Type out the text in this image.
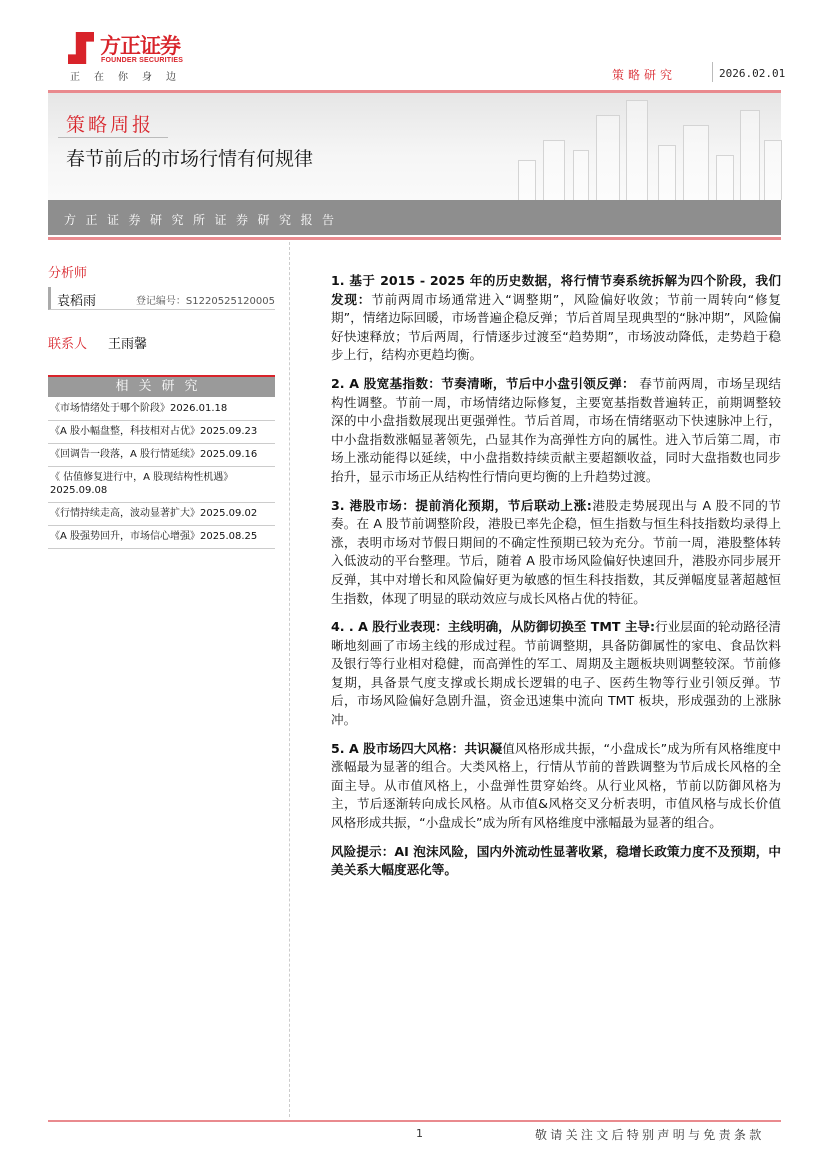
方正证券
FOUNDER SECURITIES
正在你身边	策略研究	2026.02.01
策略周报
春节前后的市场行情有何规律
方正证券研究所证券研究报告
分析师
袁稻雨	登记编号：S1220525120005
联系人 王雨馨
相关研究
《市场情绪处于哪个阶段》2026.01.18
《A 股小幅盘整，科技相对占优》2025.09.23
《回调告一段落，A 股行情延续》2025.09.16
《 估值修复进行中，A 股现结构性机遇》2025.09.08
《行情持续走高，波动显著扩大》2025.09.02
《A 股强势回升，市场信心增强》2025.08.25

1. 基于 2015 - 2025 年的历史数据，将行情节奏系统拆解为四个阶段，我们发现：节前两周市场通常进入“调整期”，风险偏好收敛；节前一周转向“修复期”，情绪边际回暖，市场普遍企稳反弹；节后首周呈现典型的“脉冲期”，风险偏好快速释放；节后两周，行情逐步过渡至“趋势期”，市场波动降低，走势趋于稳步上行，结构亦更趋均衡。

2. A 股宽基指数：节奏清晰，节后中小盘引领反弹： 春节前两周，市场呈现结构性调整。节前一周，市场情绪边际修复，主要宽基指数普遍转正，前期调整较深的中小盘指数展现出更强弹性。节后首周，市场在情绪驱动下快速脉冲上行，中小盘指数涨幅显著领先，凸显其作为高弹性方向的属性。进入节后第二周，市场上涨动能得以延续，中小盘指数持续贡献主要超额收益，同时大盘指数也同步抬升，显示市场正从结构性行情向更均衡的上升趋势过渡。

3. 港股市场：提前消化预期，节后联动上涨:港股走势展现出与 A 股不同的节奏。在 A 股节前调整阶段，港股已率先企稳，恒生指数与恒生科技指数均录得上涨，表明市场对节假日期间的不确定性预期已较为充分。节前一周，港股整体转入低波动的平台整理。节后，随着 A 股市场风险偏好快速回升，港股亦同步展开反弹，其中对增长和风险偏好更为敏感的恒生科技指数，其反弹幅度显著超越恒生指数，体现了明显的联动效应与成长风格占优的特征。

4. . A 股行业表现：主线明确，从防御切换至 TMT 主导:行业层面的轮动路径清晰地刻画了市场主线的形成过程。节前调整期，具备防御属性的家电、食品饮料及银行等行业相对稳健，而高弹性的军工、周期及主题板块则调整较深。节前修复期，具备景气度支撑或长期成长逻辑的电子、医药生物等行业引领反弹。节后，市场风险偏好急剧升温，资金迅速集中流向 TMT 板块，形成强劲的上涨脉冲。

5. A 股市场四大风格：共识凝值风格形成共振，“小盘成长”成为所有风格维度中涨幅最为显著的组合。大类风格上，行情从节前的普跌调整为节后成长风格的全面主导。从市值风格上，小盘弹性贯穿始终。从行业风格，节前以防御风格为主，节后逐渐转向成长风格。从市值&风格交叉分析表明，市值风格与成长价值风格形成共振，“小盘成长”成为所有风格维度中涨幅最为显著的组合。

风险提示：AI 泡沫风险，国内外流动性显著收紧，稳增长政策力度不及预期，中美关系大幅度恶化等。

1	敬请关注文后特别声明与免责条款
